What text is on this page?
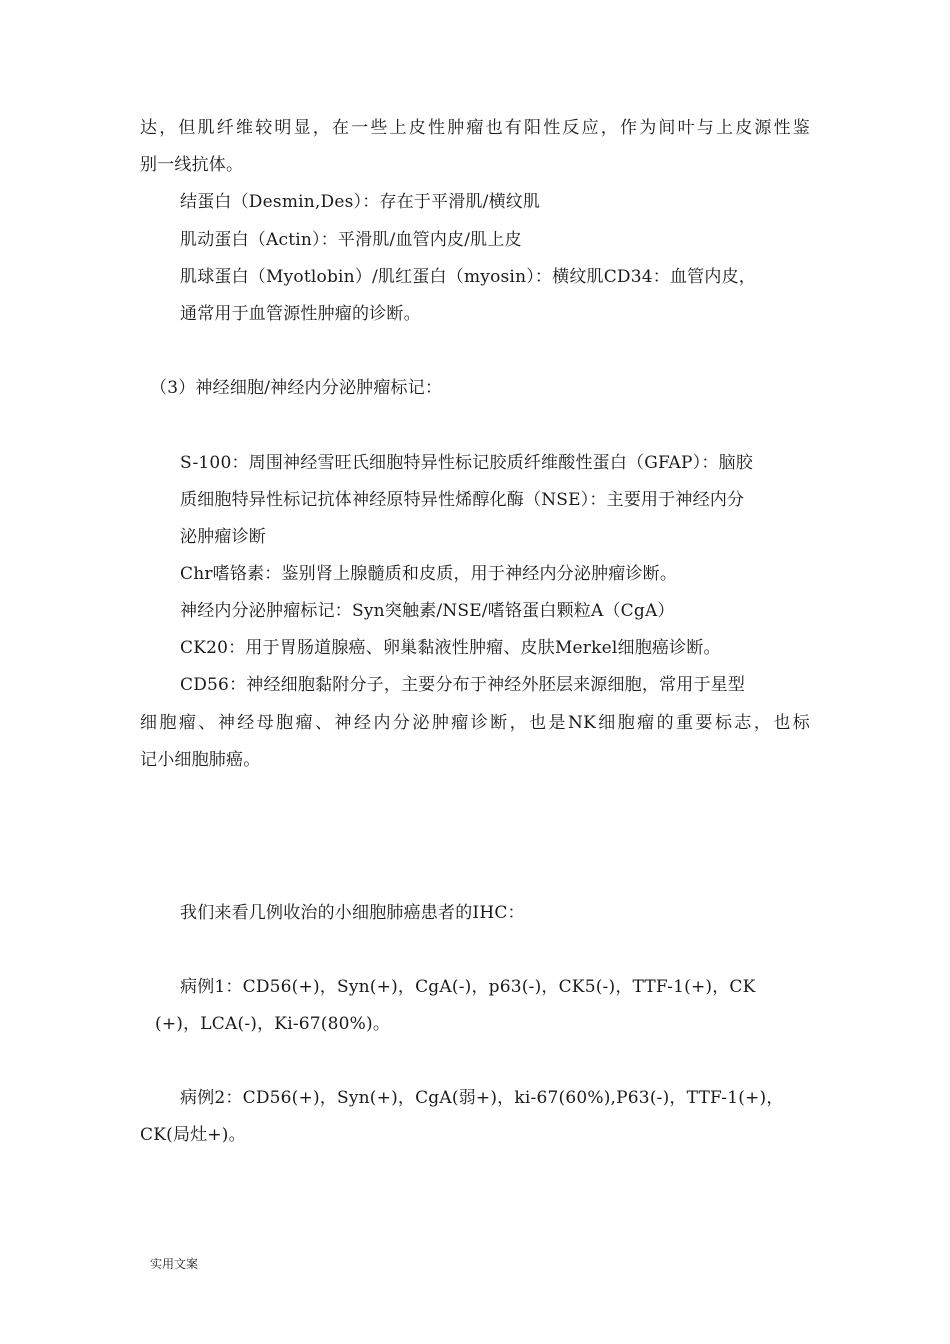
达，但肌纤维较明显，在一些上皮性肿瘤也有阳性反应，作为间叶与上皮源性鉴
别一线抗体。
结蛋白（Desmin,Des）：存在于平滑肌/横纹肌
肌动蛋白（Actin）：平滑肌/血管内皮/肌上皮
肌球蛋白（Myotlobin）/肌红蛋白（myosin）：横纹肌CD34：血管内皮，
通常用于血管源性肿瘤的诊断。
（3）神经细胞/神经内分泌肿瘤标记：
S-100：周围神经雪旺氏细胞特异性标记胶质纤维酸性蛋白（GFAP）：脑胶
质细胞特异性标记抗体神经原特异性烯醇化酶（NSE）：主要用于神经内分
泌肿瘤诊断
Chr嗜铬素：鉴别肾上腺髓质和皮质，用于神经内分泌肿瘤诊断。
神经内分泌肿瘤标记：Syn突触素/NSE/嗜铬蛋白颗粒A（CgA）
CK20：用于胃肠道腺癌、卵巢黏液性肿瘤、皮肤Merkel细胞癌诊断。
CD56：神经细胞黏附分子，主要分布于神经外胚层来源细胞，常用于星型
细胞瘤、神经母胞瘤、神经内分泌肿瘤诊断，也是NK细胞瘤的重要标志，也标
记小细胞肺癌。
我们来看几例收治的小细胞肺癌患者的IHC：
病例1：CD56(+)，Syn(+)，CgA(-)，p63(-)，CK5(-)，TTF-1(+)，CK
(+)，LCA(-)，Ki-67(80%)。
病例2：CD56(+)，Syn(+)，CgA(弱+)，ki-67(60%),P63(-)，TTF-1(+)，
CK(局灶+)。
实用文案
